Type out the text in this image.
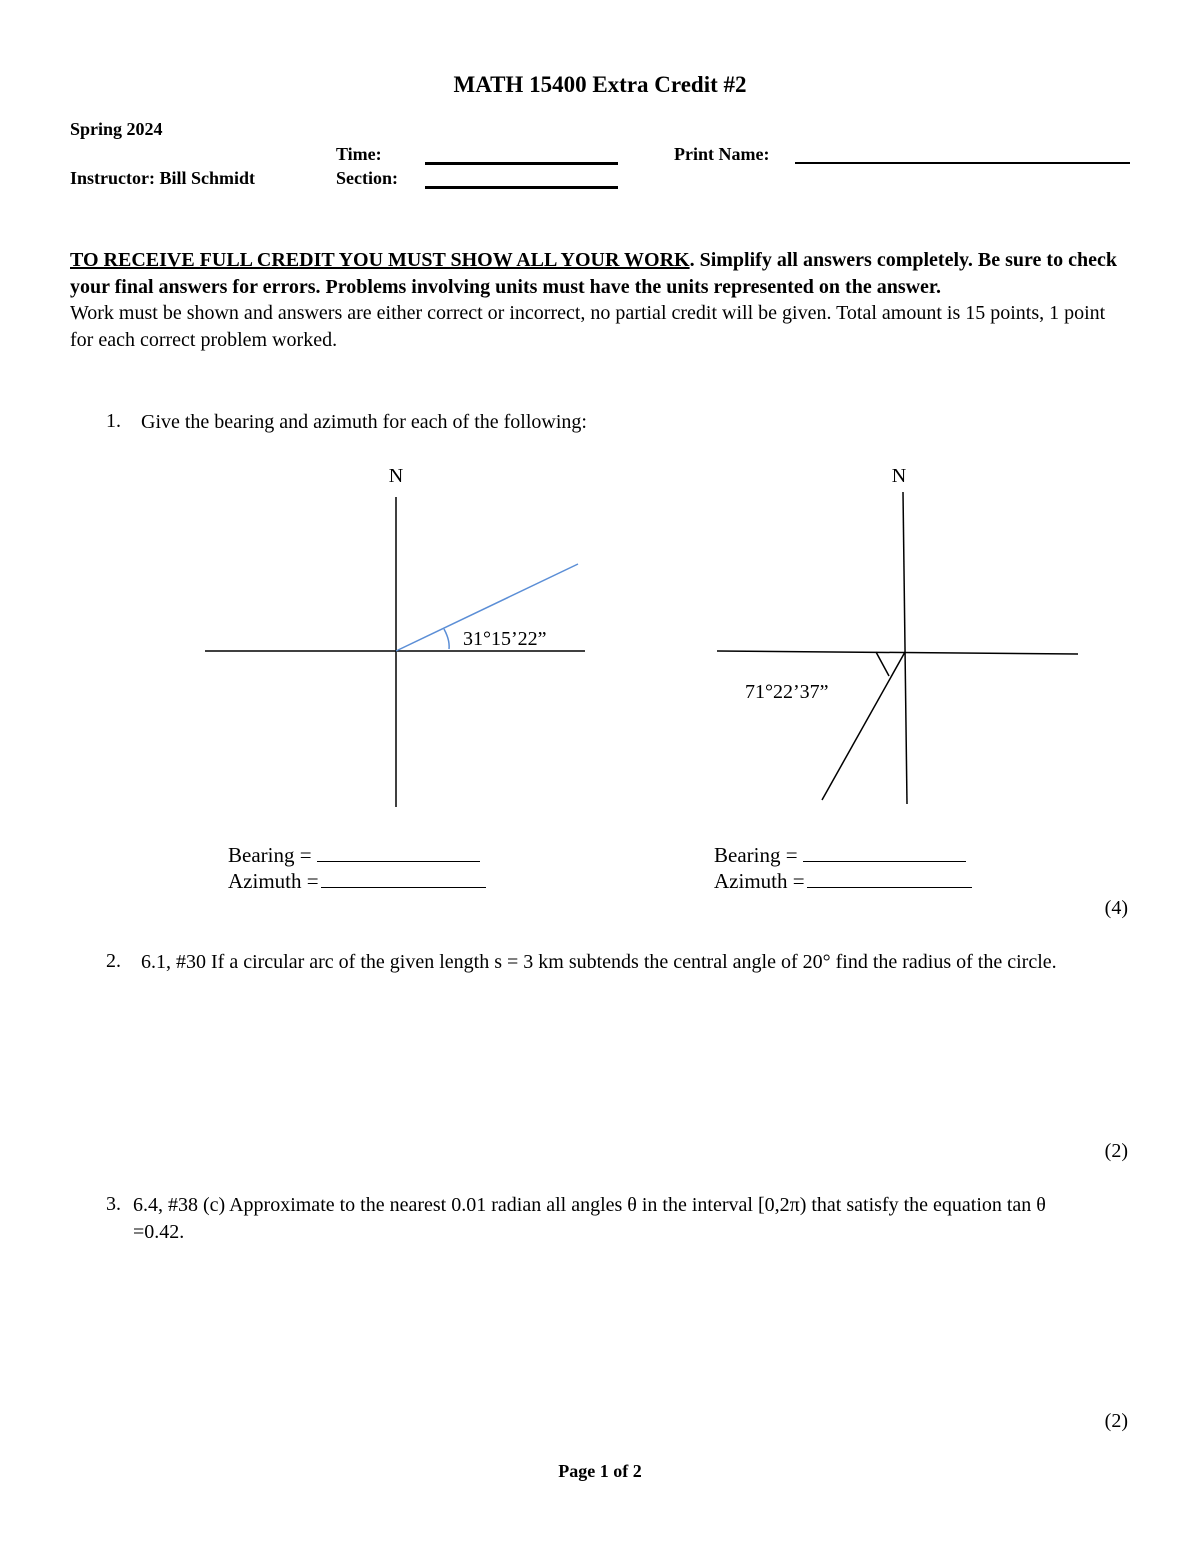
MATH 15400 Extra Credit #2
Spring 2024
Time:	Print Name:
Instructor: Bill Schmidt	Section:
TO RECEIVE FULL CREDIT YOU MUST SHOW ALL YOUR WORK. Simplify all answers completely. Be sure to check your final answers for errors. Problems involving units must have the units represented on the answer.
Work must be shown and answers are either correct or incorrect, no partial credit will be given. Total amount is 15 points, 1 point for each correct problem worked.
1. Give the bearing and azimuth for each of the following:
N
31°15’22”
N
71°22’37”
Bearing =
Azimuth =
Bearing =
Azimuth =
(4)
2. 6.1, #30 If a circular arc of the given length s = 3 km subtends the central angle of 20° find the radius of the circle.
(2)
3. 6.4, #38 (c) Approximate to the nearest 0.01 radian all angles θ in the interval [0,2π) that satisfy the equation tan θ =0.42.
(2)
Page 1 of 2
